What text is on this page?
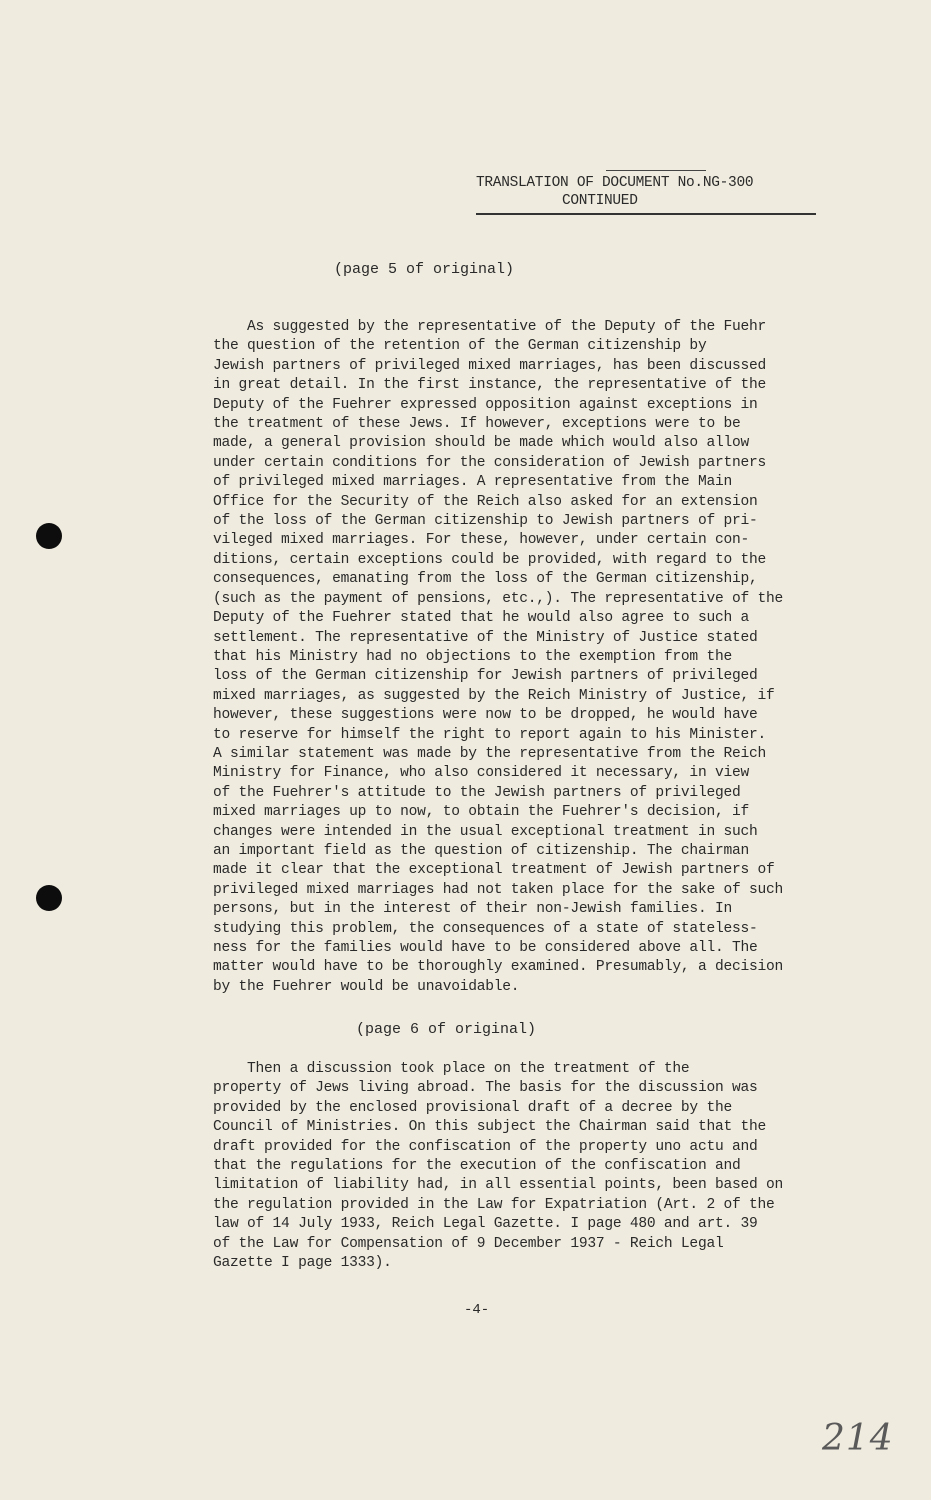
TRANSLATION OF DOCUMENT No.NG-300
CONTINUED
(page 5 of original)
As suggested by the representative of the Deputy of the Fuehr
the question of the retention of the German citizenship by
Jewish partners of privileged mixed marriages, has been discussed
in great detail. In the first instance, the representative of the
Deputy of the Fuehrer expressed opposition against exceptions in
the treatment of these Jews. If however, exceptions were to be
made, a general provision should be made which would also allow
under certain conditions for the consideration of Jewish partners
of privileged mixed marriages. A representative from the Main
Office for the Security of the Reich also asked for an extension
of the loss of the German citizenship to Jewish partners of pri-
vileged mixed marriages. For these, however, under certain con-
ditions, certain exceptions could be provided, with regard to the
consequences, emanating from the loss of the German citizenship,
(such as the payment of pensions, etc.,). The representative of the
Deputy of the Fuehrer stated that he would also agree to such a
settlement. The representative of the Ministry of Justice stated
that his Ministry had no objections to the exemption from the
loss of the German citizenship for Jewish partners of privileged
mixed marriages, as suggested by the Reich Ministry of Justice, if
however, these suggestions were now to be dropped, he would have
to reserve for himself the right to report again to his Minister.
A similar statement was made by the representative from the Reich
Ministry for Finance, who also considered it necessary, in view
of the Fuehrer's attitude to the Jewish partners of privileged
mixed marriages up to now, to obtain the Fuehrer's decision, if
changes were intended in the usual exceptional treatment in such
an important field as the question of citizenship. The chairman
made it clear that the exceptional treatment of Jewish partners of
privileged mixed marriages had not taken place for the sake of such
persons, but in the interest of their non-Jewish families. In
studying this problem, the consequences of a state of stateless-
ness for the families would have to be considered above all. The
matter would have to be thoroughly examined. Presumably, a decision
by the Fuehrer would be unavoidable.
(page 6 of original)
Then a discussion took place on the treatment of the
property of Jews living abroad. The basis for the discussion was
provided by the enclosed provisional draft of a decree by the
Council of Ministries. On this subject the Chairman said that the
draft provided for the confiscation of the property uno actu and
that the regulations for the execution of the confiscation and
limitation of liability had, in all essential points, been based on
the regulation provided in the Law for Expatriation (Art. 2 of the
law of 14 July 1933, Reich Legal Gazette. I page 480 and art. 39
of the Law for Compensation of 9 December 1937 - Reich Legal
Gazette I page 1333).
-4-
214
